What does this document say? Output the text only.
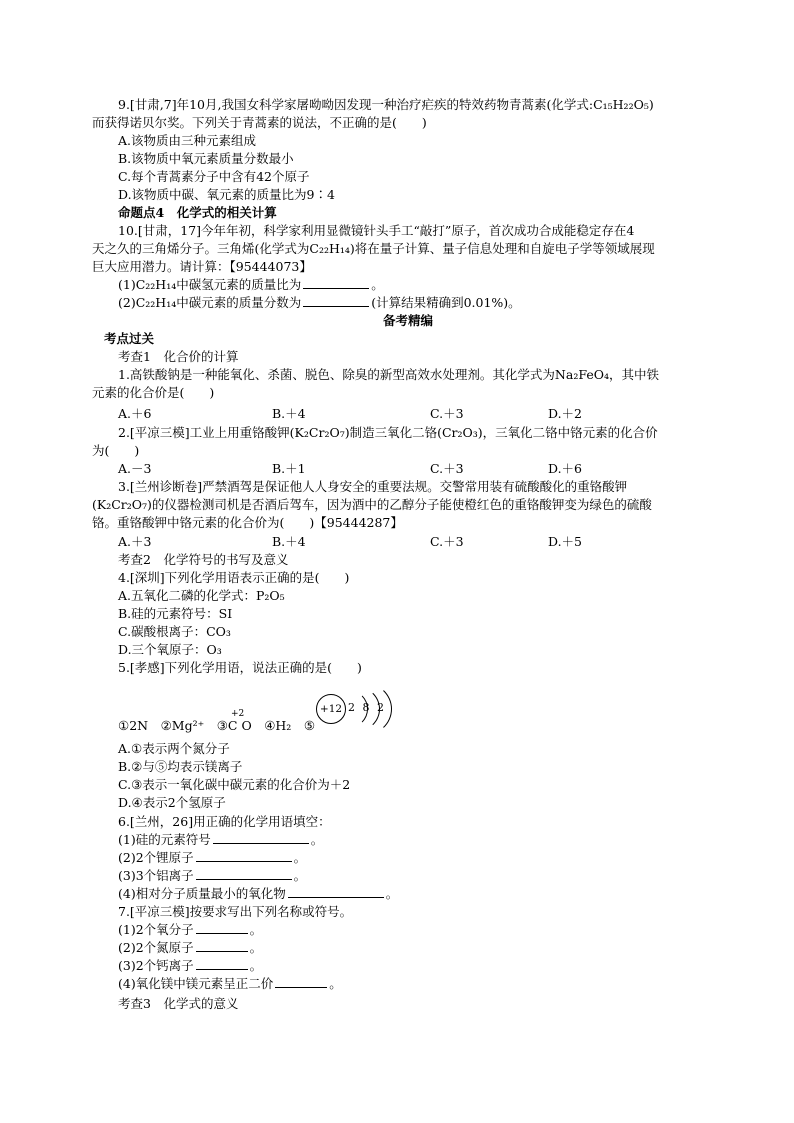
9.[甘肃,7]年10月,我国女科学家屠呦呦因发现一种治疗疟疾的特效药物青蒿素(化学式:C₁₅H₂₂O₅)
而获得诺贝尔奖。下列关于青蒿素的说法，不正确的是(　　)
A.该物质由三种元素组成
B.该物质中氧元素质量分数最小
C.每个青蒿素分子中含有42个原子
D.该物质中碳、氧元素的质量比为9∶4
命题点4　化学式的相关计算
10.[甘肃，17]今年年初，科学家利用显微镜针头手工“敲打”原子，首次成功合成能稳定存在4
天之久的三角烯分子。三角烯(化学式为C₂₂H₁₄)将在量子计算、量子信息处理和自旋电子学等领域展现
巨大应用潜力。请计算：【95444073】
(1)C₂₂H₁₄中碳氢元素的质量比为	。
(2)C₂₂H₁₄中碳元素的质量分数为	(计算结果精确到0.01%)。
备考精编
考点过关
考查1　化合价的计算
1.高铁酸钠是一种能氧化、杀菌、脱色、除臭的新型高效水处理剂。其化学式为Na₂FeO₄，其中铁
元素的化合价是(　　)
A.＋6	B.＋4	C.＋3	D.＋2
2.[平凉三模]工业上用重铬酸钾(K₂Cr₂O₇)制造三氧化二铬(Cr₂O₃)，三氧化二铬中铬元素的化合价
为(　　)
A.－3	B.＋1	C.＋3	D.＋6
3.[兰州诊断卷]严禁酒驾是保证他人人身安全的重要法规。交警常用装有硫酸酸化的重铬酸钾
(K₂Cr₂O₇)的仪器检测司机是否酒后驾车，因为酒中的乙醇分子能使橙红色的重铬酸钾变为绿色的硫酸
铬。重铬酸钾中铬元素的化合价为(　　)【95444287】
A.＋3	B.＋4	C.＋3	D.＋5
考查2　化学符号的书写及意义
4.[深圳]下列化学用语表示正确的是(　　)
A.五氧化二磷的化学式：P₂O₅
B.硅的元素符号：SI
C.碳酸根离子：CO₃
D.三个氧原子：O₃
5.[孝感]下列化学用语，说法正确的是(　　)
+2
①2N　②Mg²⁺　③C O　④H₂　⑤
+12 2 8 2
A.①表示两个氮分子
B.②与⑤均表示镁离子
C.③表示一氧化碳中碳元素的化合价为＋2
D.④表示2个氢原子
6.[兰州，26]用正确的化学用语填空：
(1)硅的元素符号	。
(2)2个锂原子	。
(3)3个铝离子	。
(4)相对分子质量最小的氧化物	。
7.[平凉三模]按要求写出下列名称或符号。
(1)2个氧分子	。
(2)2个氮原子	。
(3)2个钙离子	。
(4)氧化镁中镁元素呈正二价	。
考查3　化学式的意义
